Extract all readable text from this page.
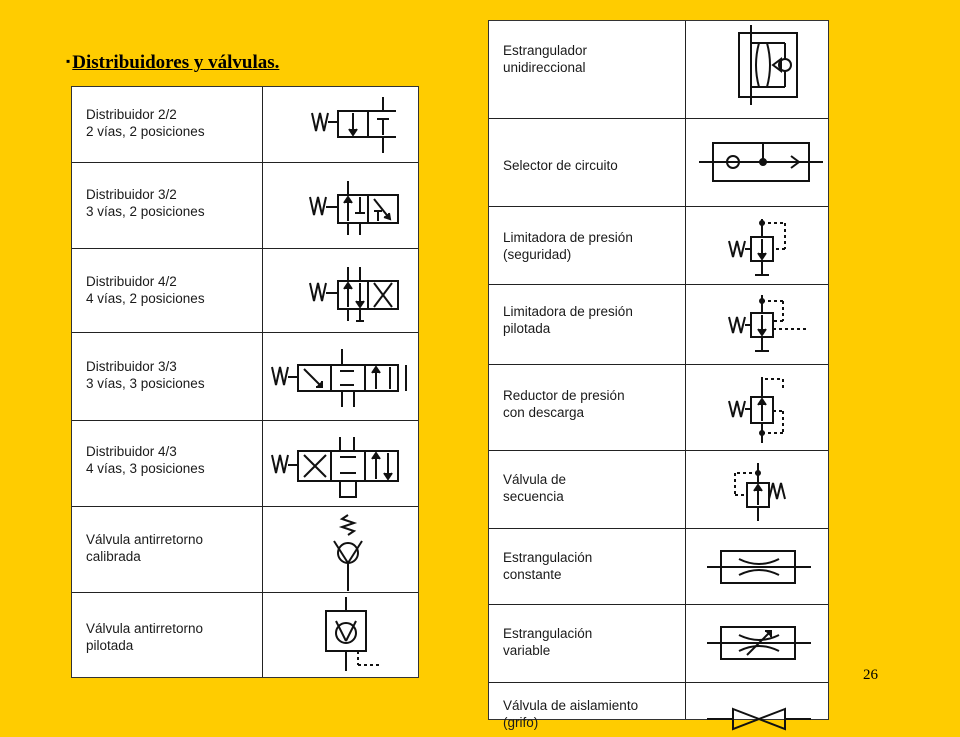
▪ Distribuidores y válvulas.
Distribuidor 2/2
2 vías, 2 posiciones
Distribuidor 3/2
3 vías, 2 posiciones
Distribuidor 4/2
4 vías, 2 posiciones
Distribuidor 3/3
3 vías, 3 posiciones
Distribuidor 4/3
4 vías, 3 posiciones
Válvula antirretorno
calibrada
Válvula antirretorno
pilotada
Estrangulador
unidireccional
Selector de circuito
Limitadora de presión
(seguridad)
Limitadora de presión
pilotada
Reductor de presión
con descarga
Válvula de
secuencia
Estrangulación
constante
Estrangulación
variable
Válvula de aislamiento
(grifo)
26
